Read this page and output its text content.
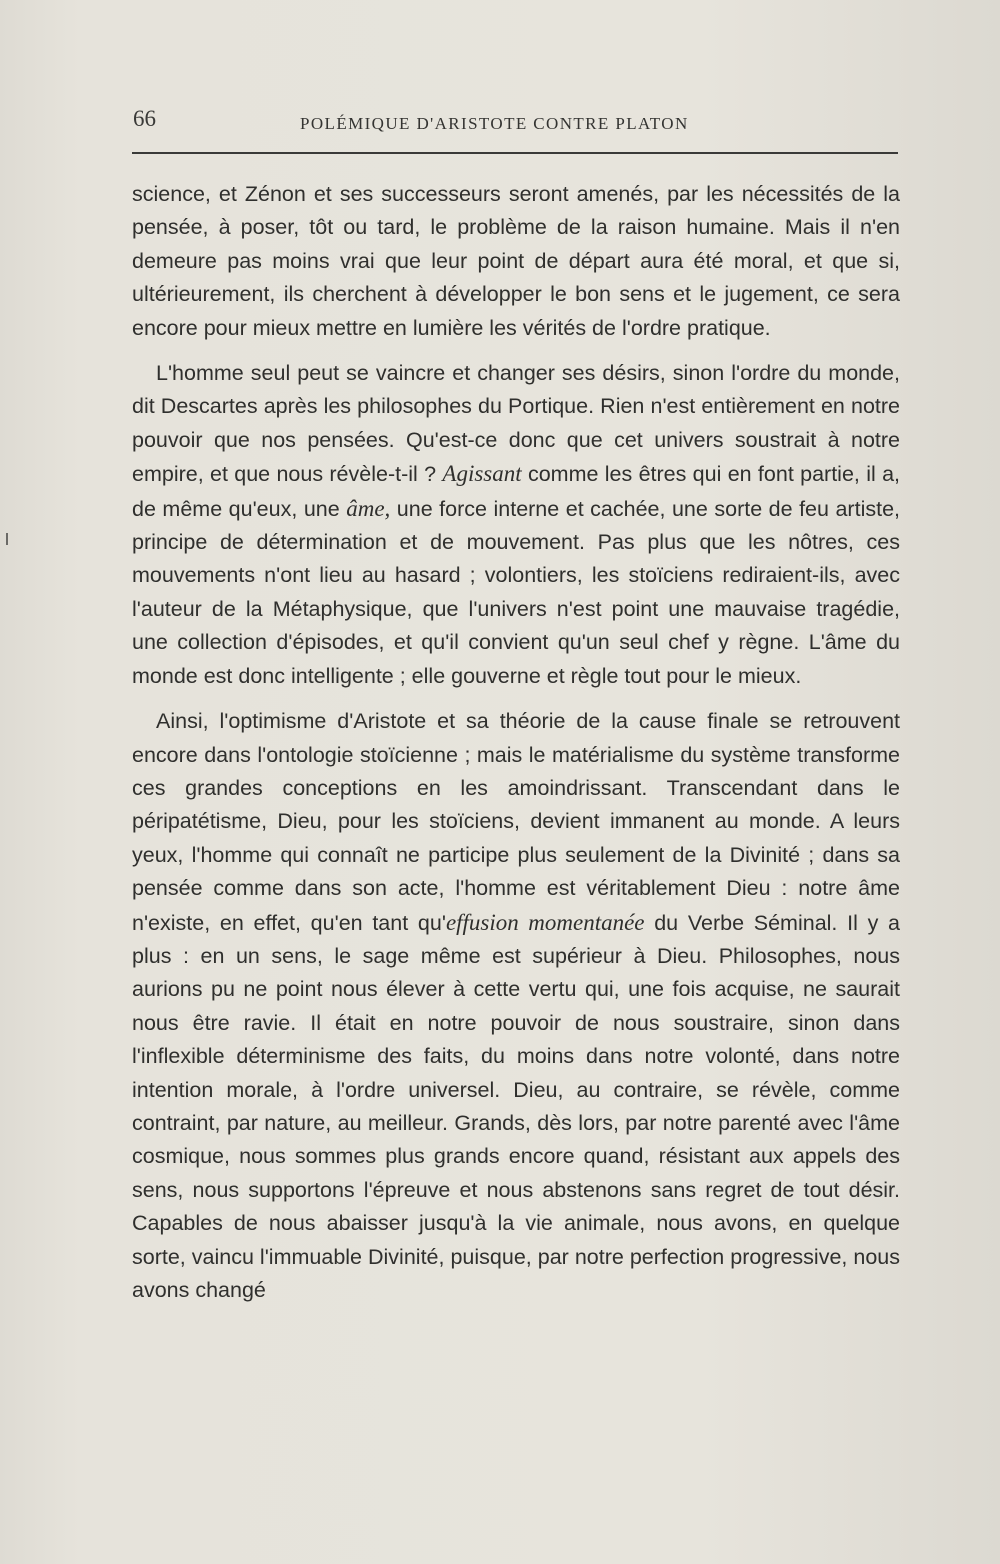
66	POLÉMIQUE D'ARISTOTE CONTRE PLATON

science, et Zénon et ses successeurs seront amenés, par les nécessités de la pensée, à poser, tôt ou tard, le problème de la raison humaine. Mais il n'en demeure pas moins vrai que leur point de départ aura été moral, et que si, ultérieurement, ils cherchent à développer le bon sens et le jugement, ce sera encore pour mieux mettre en lumière les vérités de l'ordre pratique.

L'homme seul peut se vaincre et changer ses désirs, sinon l'ordre du monde, dit Descartes après les philosophes du Portique. Rien n'est entièrement en notre pouvoir que nos pensées. Qu'est-ce donc que cet univers soustrait à notre empire, et que nous révèle-t-il ? Agissant comme les êtres qui en font partie, il a, de même qu'eux, une âme, une force interne et cachée, une sorte de feu artiste, principe de détermination et de mouvement. Pas plus que les nôtres, ces mouvements n'ont lieu au hasard ; volontiers, les stoïciens rediraient-ils, avec l'auteur de la Métaphysique, que l'univers n'est point une mauvaise tragédie, une collection d'épisodes, et qu'il convient qu'un seul chef y règne. L'âme du monde est donc intelligente ; elle gouverne et règle tout pour le mieux.

Ainsi, l'optimisme d'Aristote et sa théorie de la cause finale se retrouvent encore dans l'ontologie stoïcienne ; mais le matérialisme du système transforme ces grandes conceptions en les amoindrissant. Transcendant dans le péripatétisme, Dieu, pour les stoïciens, devient immanent au monde. A leurs yeux, l'homme qui connaît ne participe plus seulement de la Divinité ; dans sa pensée comme dans son acte, l'homme est véritablement Dieu : notre âme n'existe, en effet, qu'en tant qu'effusion momentanée du Verbe Séminal. Il y a plus : en un sens, le sage même est supérieur à Dieu. Philosophes, nous aurions pu ne point nous élever à cette vertu qui, une fois acquise, ne saurait nous être ravie. Il était en notre pouvoir de nous soustraire, sinon dans l'inflexible déterminisme des faits, du moins dans notre volonté, dans notre intention morale, à l'ordre universel. Dieu, au contraire, se révèle, comme contraint, par nature, au meilleur. Grands, dès lors, par notre parenté avec l'âme cosmique, nous sommes plus grands encore quand, résistant aux appels des sens, nous supportons l'épreuve et nous abstenons sans regret de tout désir. Capables de nous abaisser jusqu'à la vie animale, nous avons, en quelque sorte, vaincu l'immuable Divinité, puisque, par notre perfection progressive, nous avons changé
